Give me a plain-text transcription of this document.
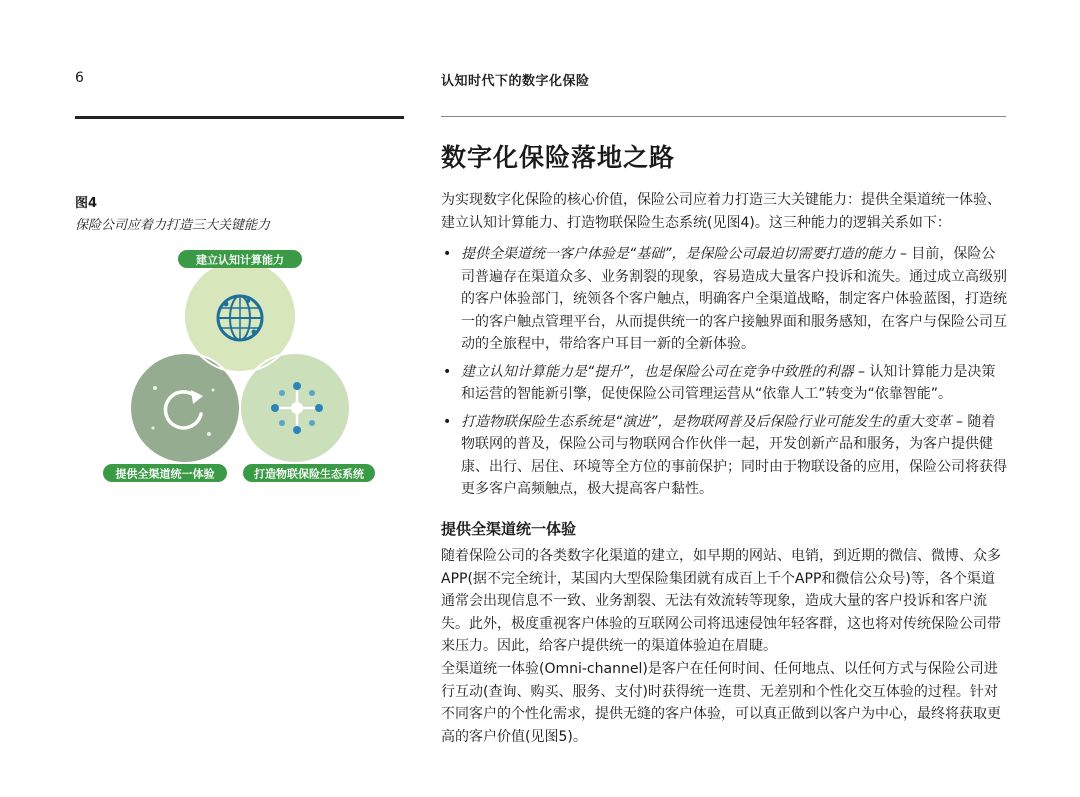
6	认知时代下的数字化保险
图4
保险公司应着力打造三大关键能力
建立认知计算能力
提供全渠道统一体验	打造物联保险生态系统
数字化保险落地之路
为实现数字化保险的核心价值，保险公司应着力打造三大关键能力：提供全渠道统一体验、建立认知计算能力、打造物联保险生态系统(见图4)。这三种能力的逻辑关系如下：
• 提供全渠道统一客户体验是“基础”，是保险公司最迫切需要打造的能力 – 目前，保险公司普遍存在渠道众多、业务割裂的现象，容易造成大量客户投诉和流失。通过成立高级别的客户体验部门，统领各个客户触点，明确客户全渠道战略，制定客户体验蓝图，打造统一的客户触点管理平台，从而提供统一的客户接触界面和服务感知，在客户与保险公司互动的全旅程中，带给客户耳目一新的全新体验。
• 建立认知计算能力是“提升”，也是保险公司在竞争中致胜的利器 – 认知计算能力是决策和运营的智能新引擎，促使保险公司管理运营从“依靠人工”转变为“依靠智能”。
• 打造物联保险生态系统是“演进”，是物联网普及后保险行业可能发生的重大变革 – 随着物联网的普及，保险公司与物联网合作伙伴一起，开发创新产品和服务，为客户提供健康、出行、居住、环境等全方位的事前保护；同时由于物联设备的应用，保险公司将获得更多客户高频触点，极大提高客户黏性。
提供全渠道统一体验
随着保险公司的各类数字化渠道的建立，如早期的网站、电销，到近期的微信、微博、众多APP(据不完全统计，某国内大型保险集团就有成百上千个APP和微信公众号)等，各个渠道通常会出现信息不一致、业务割裂、无法有效流转等现象，造成大量的客户投诉和客户流失。此外，极度重视客户体验的互联网公司将迅速侵蚀年轻客群，这也将对传统保险公司带来压力。因此，给客户提供统一的渠道体验迫在眉睫。
全渠道统一体验(Omni-channel)是客户在任何时间、任何地点、以任何方式与保险公司进行互动(查询、购买、服务、支付)时获得统一连贯、无差别和个性化交互体验的过程。针对不同客户的个性化需求，提供无缝的客户体验，可以真正做到以客户为中心，最终将获取更高的客户价值(见图5)。
